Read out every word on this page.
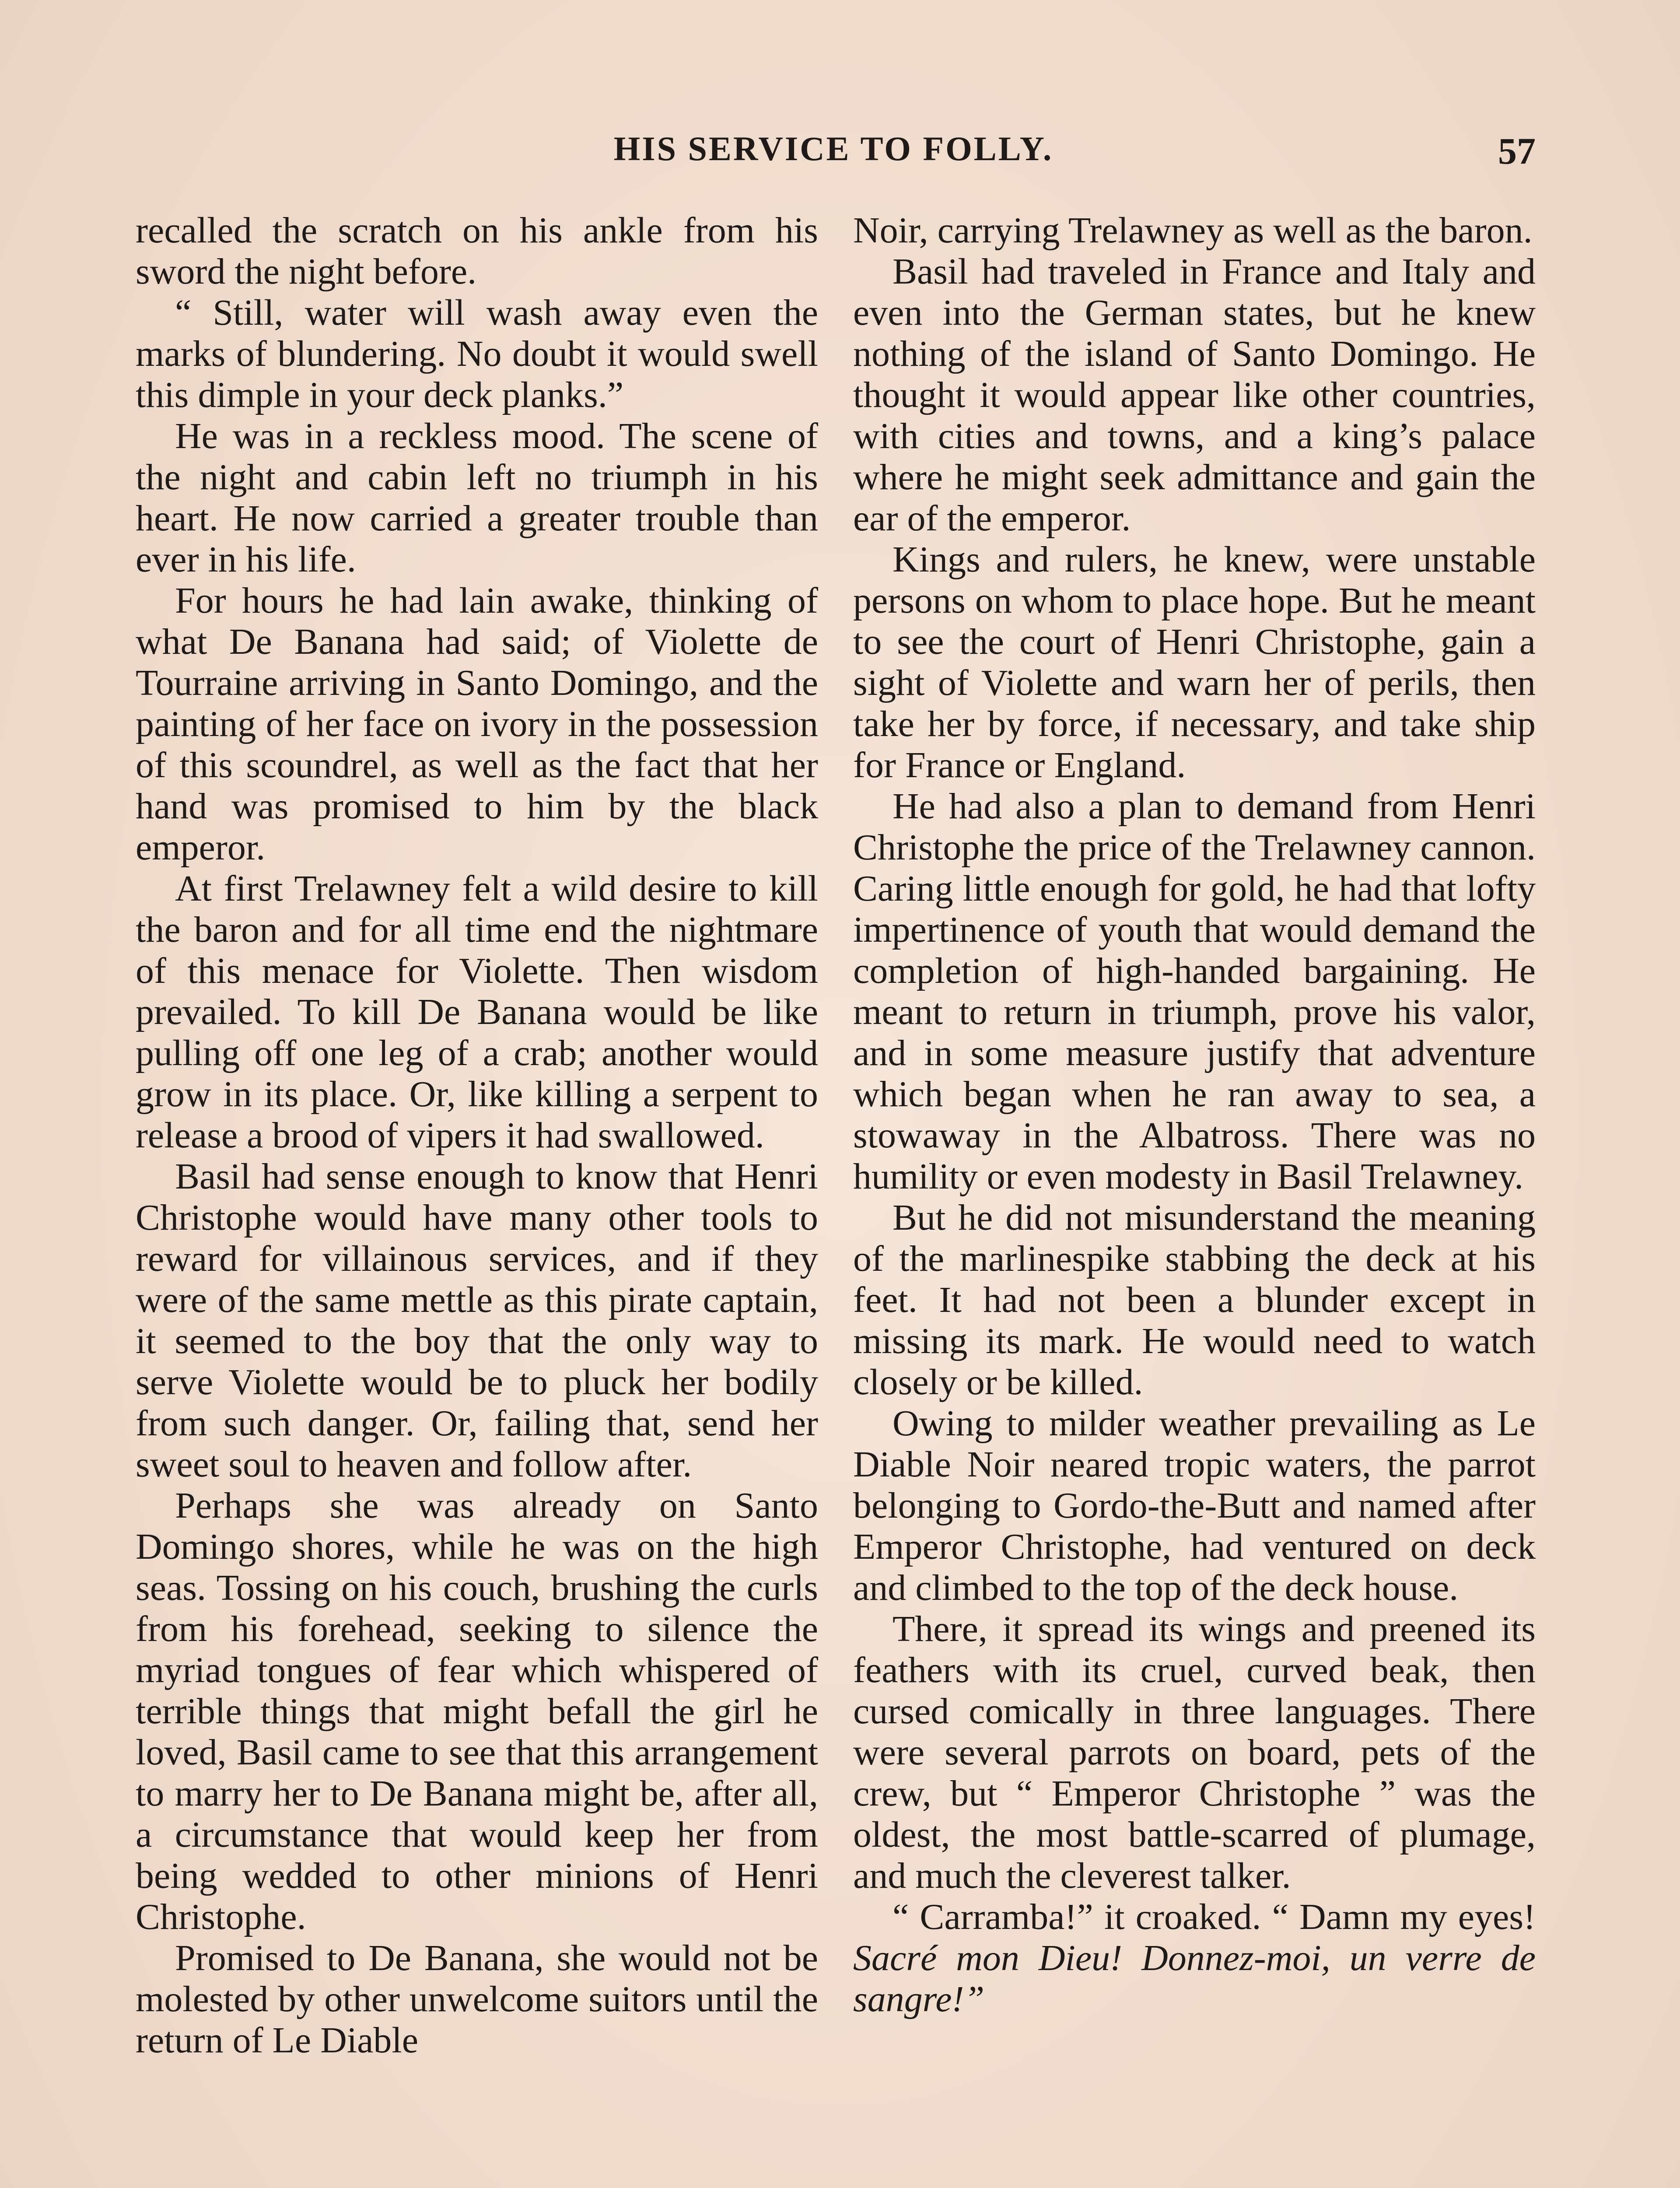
HIS SERVICE TO FOLLY.	57

recalled the scratch on his ankle from his sword the night before.

“ Still, water will wash away even the marks of blundering. No doubt it would swell this dimple in your deck planks.”

He was in a reckless mood. The scene of the night and cabin left no triumph in his heart. He now carried a greater trouble than ever in his life.

For hours he had lain awake, thinking of what De Banana had said; of Violette de Tourraine arriving in Santo Domingo, and the painting of her face on ivory in the possession of this scoundrel, as well as the fact that her hand was promised to him by the black emperor.

At first Trelawney felt a wild desire to kill the baron and for all time end the nightmare of this menace for Violette. Then wisdom prevailed. To kill De Banana would be like pulling off one leg of a crab; another would grow in its place. Or, like killing a serpent to release a brood of vipers it had swallowed.

Basil had sense enough to know that Henri Christophe would have many other tools to reward for villainous services, and if they were of the same mettle as this pirate captain, it seemed to the boy that the only way to serve Violette would be to pluck her bodily from such danger. Or, failing that, send her sweet soul to heaven and follow after.

Perhaps she was already on Santo Domingo shores, while he was on the high seas. Tossing on his couch, brushing the curls from his forehead, seeking to silence the myriad tongues of fear which whispered of terrible things that might befall the girl he loved, Basil came to see that this arrangement to marry her to De Banana might be, after all, a circumstance that would keep her from being wedded to other minions of Henri Christophe.

Promised to De Banana, she would not be molested by other unwelcome suitors until the return of Le Diable

Noir, carrying Trelawney as well as the baron.

Basil had traveled in France and Italy and even into the German states, but he knew nothing of the island of Santo Domingo. He thought it would appear like other countries, with cities and towns, and a king’s palace where he might seek admittance and gain the ear of the emperor.

Kings and rulers, he knew, were unstable persons on whom to place hope. But he meant to see the court of Henri Christophe, gain a sight of Violette and warn her of perils, then take her by force, if necessary, and take ship for France or England.

He had also a plan to demand from Henri Christophe the price of the Trelawney cannon. Caring little enough for gold, he had that lofty impertinence of youth that would demand the completion of high-handed bargaining. He meant to return in triumph, prove his valor, and in some measure justify that adventure which began when he ran away to sea, a stowaway in the Albatross. There was no humility or even modesty in Basil Trelawney.

But he did not misunderstand the meaning of the marlinespike stabbing the deck at his feet. It had not been a blunder except in missing its mark. He would need to watch closely or be killed.

Owing to milder weather prevailing as Le Diable Noir neared tropic waters, the parrot belonging to Gordo-the-Butt and named after Emperor Christophe, had ventured on deck and climbed to the top of the deck house.

There, it spread its wings and preened its feathers with its cruel, curved beak, then cursed comically in three languages. There were several parrots on board, pets of the crew, but “ Emperor Christophe ” was the oldest, the most battle-scarred of plumage, and much the cleverest talker.

“ Carramba!” it croaked. “ Damn my eyes! Sacré mon Dieu! Donnez-moi, un verre de sangre!”
